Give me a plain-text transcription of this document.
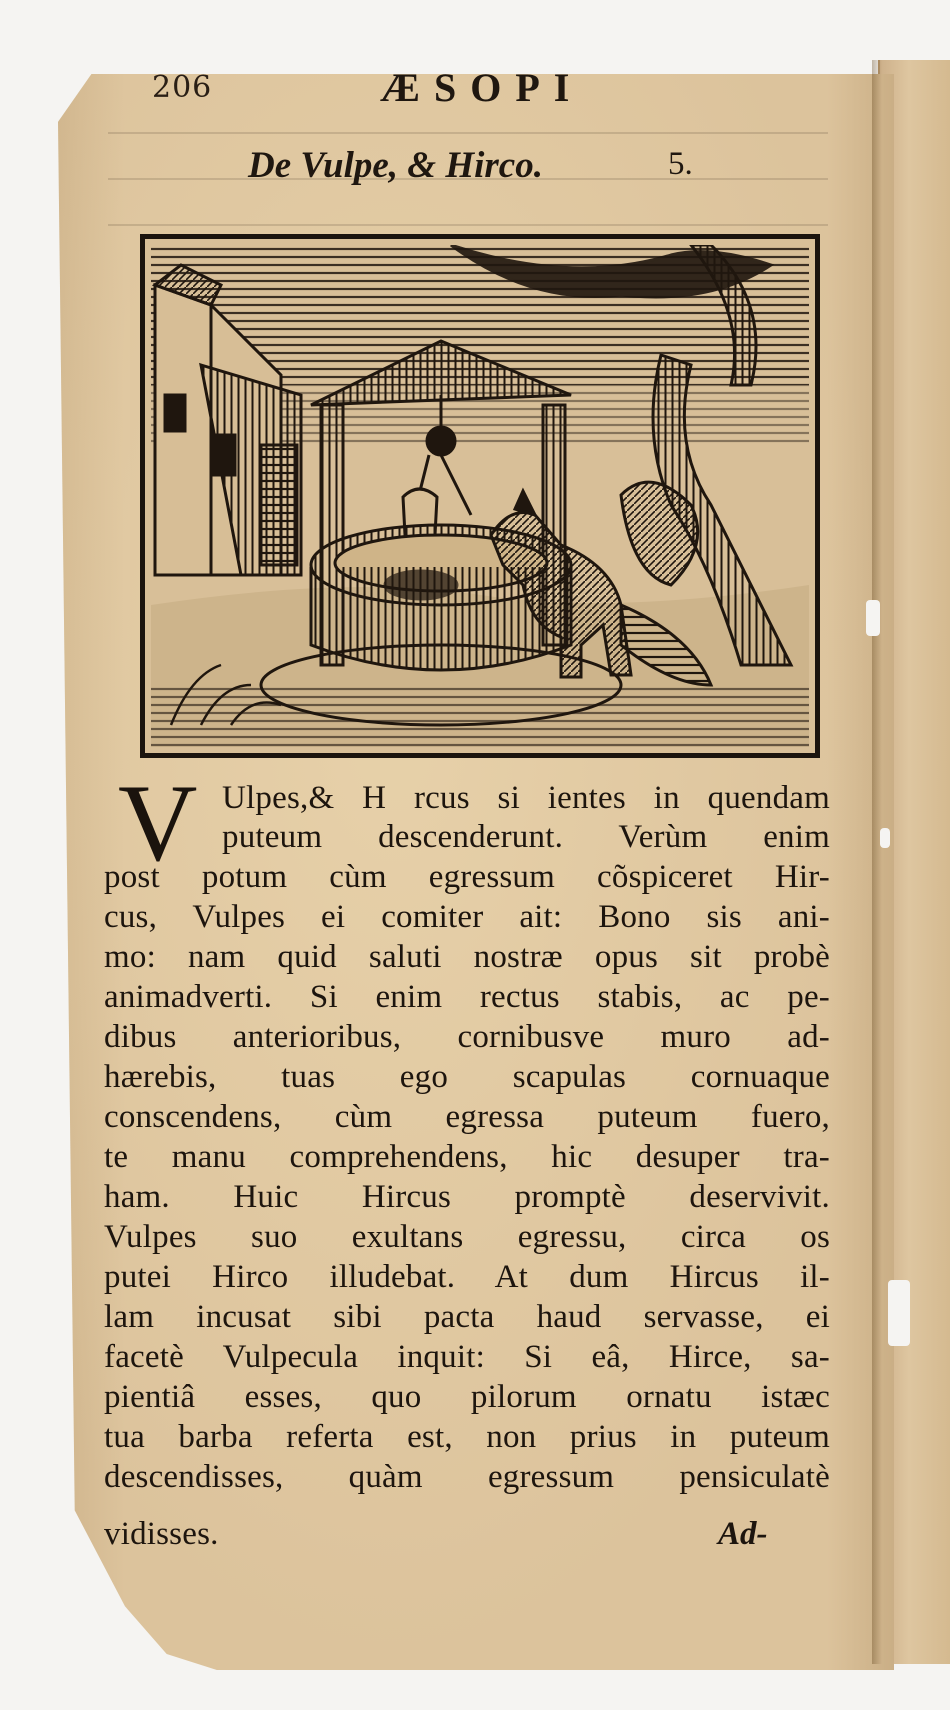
206	ÆSOPI
De Vulpe, & Hirco.	5.
V Ulpes,& H rcus si ientes in quendam
puteum descenderunt. Verùm enim
post potum cùm egressum cõspiceret Hir-
cus, Vulpes ei comiter ait: Bono sis ani-
mo: nam quid saluti nostræ opus sit probè
animadverti. Si enim rectus stabis, ac pe-
dibus anterioribus, cornibusve muro ad-
hærebis, tuas ego scapulas cornuaque
conscendens, cùm egressa puteum fuero,
te manu comprehendens, hic desuper tra-
ham. Huic Hircus promptè deservivit.
Vulpes suo exultans egressu, circa os
putei Hirco illudebat. At dum Hircus il-
lam incusat sibi pacta haud servasse, ei
facetè Vulpecula inquit: Si eâ, Hirce, sa-
pientiâ esses, quo pilorum ornatu istæc
tua barba referta est, non prius in puteum
descendisses, quàm egressum pensiculatè
vidisses.	Ad-
